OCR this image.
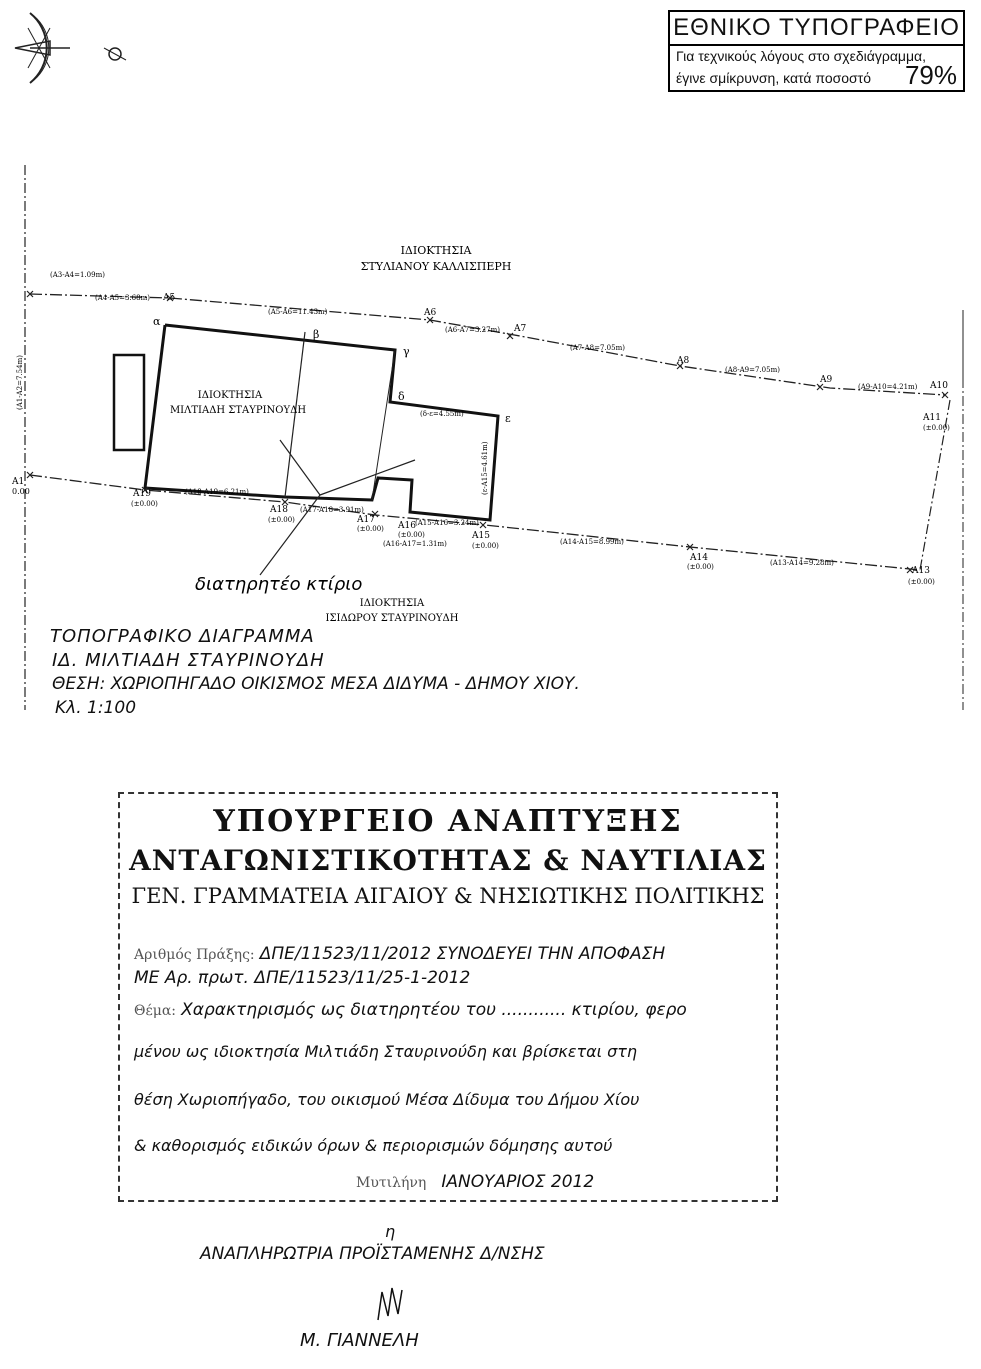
ΕΘΝΙΚΟ ΤΥΠΟΓΡΑΦΕΙΟ
Για τεχνικούς λόγους στο σχεδιάγραμμα,
έγινε σμίκρυνση, κατά ποσοστό 79%
ΙΔΙΟΚΤΗΣΙΑ
ΣΤΥΛΙΑΝΟΥ ΚΑΛΛΙΣΠΕΡΗ
ΙΔΙΟΚΤΗΣΙΑ
ΜΙΛΤΙΑΔΗ ΣΤΑΥΡΙΝΟΥΔΗ
ΙΔΙΟΚΤΗΣΙΑ
ΙΣΙΔΩΡΟΥ ΣΤΑΥΡΙΝΟΥΔΗ
διατηρητέο κτίριο
A1
0.00
A5
A6
A7
A8
A9
A10
A11
(±0.00)
A13
(±0.00)
A14
(±0.00)
A15
(±0.00)
A16
(±0.00)
A17
(±0.00)
A18
(±0.00)
A19
(±0.00)
(A3-A4=1.09m)
(A4-A5=3.68m)
(A5-A6=11.43m)
(A6-A7=3.27m)
(A7-A8=7.05m)
(A8-A9=7.05m)
(A9-A10=4.21m)
(A14-A15=8.99m)
(A13-A14=9.28m)
(A15-A16=3.24m)
(A16-A17=1.31m)
(A17-A18=3.91m)
(A18-A19=6.21m)
(A1-A2=7.54m)
(δ-ε=4.55m)
(ε-A15=4.61m)
α
β
γ
δ
ε
ΤΟΠΟΓΡΑΦΙΚΟ ΔΙΑΓΡΑΜΜΑ
ΙΔ. ΜΙΛΤΙΑΔΗ ΣΤΑΥΡΙΝΟΥΔΗ
ΘΕΣΗ: ΧΩΡΙΟΠΗΓΑΔΟ ΟΙΚΙΣΜΟΣ ΜΕΣΑ ΔΙΔΥΜΑ - ΔΗΜΟΥ ΧΙΟΥ.
Κλ. 1:100
ΥΠΟΥΡΓΕΙΟ ΑΝΑΠΤΥΞΗΣ
ΑΝΤΑΓΩΝΙΣΤΙΚΟΤΗΤΑΣ & ΝΑΥΤΙΛΙΑΣ
ΓΕΝ. ΓΡΑΜΜΑΤΕΙΑ ΑΙΓΑΙΟΥ & ΝΗΣΙΩΤΙΚΗΣ ΠΟΛΙΤΙΚΗΣ
Αριθμός Πράξης: ΔΠΕ/11523/11/2012 ΣΥΝΟΔΕΥΕΙ ΤΗΝ ΑΠΟΦΑΣΗ
ΜΕ Αρ. πρωτ. ΔΠΕ/11523/11/25-1-2012
Θέμα: Χαρακτηρισμός ως διατηρητέου του ............ κτιρίου, φερο
μένου ως ιδιοκτησία Μιλτιάδη Σταυρινούδη και βρίσκεται στη
θέση Χωριοπήγαδο, του οικισμού Μέσα Δίδυμα του Δήμου Χίου
& καθορισμός ειδικών όρων & περιορισμών δόμησης αυτού
Μυτιλήνη ΙΑΝΟΥΑΡΙΟΣ 2012
η
ΑΝΑΠΛΗΡΩΤΡΙΑ ΠΡΟΪΣΤΑΜΕΝΗΣ Δ/ΝΣΗΣ
Μ. ΓΙΑΝΝΕΛΗ
